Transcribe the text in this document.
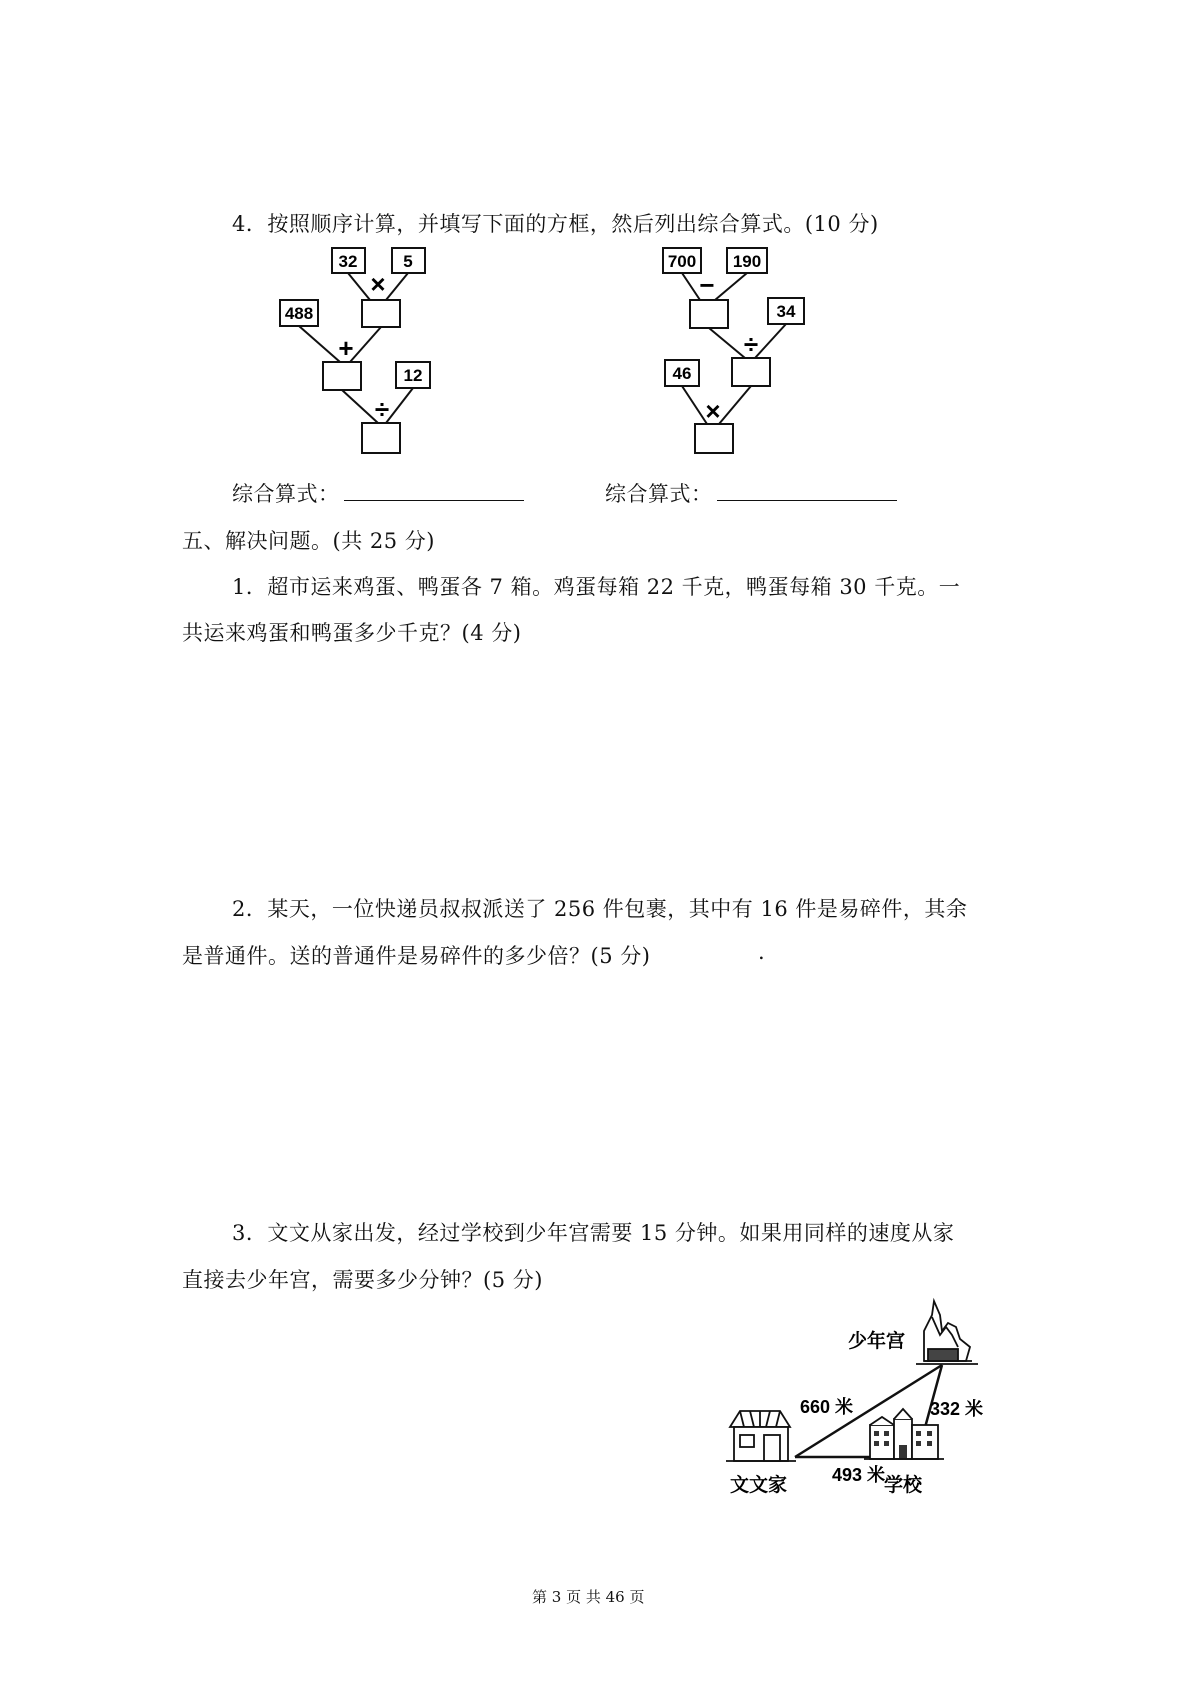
4．按照顺序计算，并填写下面的方框，然后列出综合算式。(10 分)
32	5
×
488
+
12
÷
700 190
−
34
÷
46
×
综合算式：	综合算式：
五、解决问题。(共 25 分)
1．超市运来鸡蛋、鸭蛋各 7 箱。鸡蛋每箱 22 千克，鸭蛋每箱 30 千克。一
共运来鸡蛋和鸭蛋多少千克？(4 分)
2．某天，一位快递员叔叔派送了 256 件包裹，其中有 16 件是易碎件，其余
是普通件。送的普通件是易碎件的多少倍？(5 分)	.
3．文文从家出发，经过学校到少年宫需要 15 分钟。如果用同样的速度从家
直接去少年宫，需要多少分钟？(5 分)
少年宫
文文家	学校
660 米	332 米
493 米
第 3 页 共 46 页
